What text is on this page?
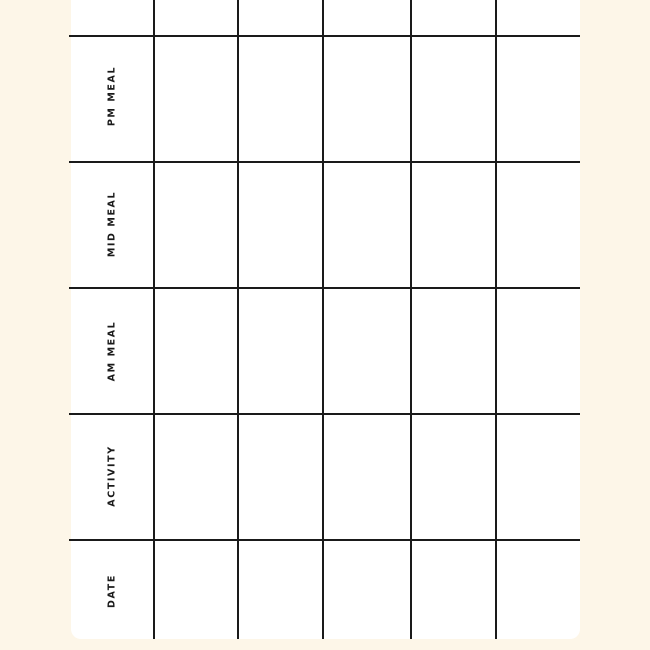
PM MEAL
MID MEAL
AM MEAL
ACTIVITY
DATE
